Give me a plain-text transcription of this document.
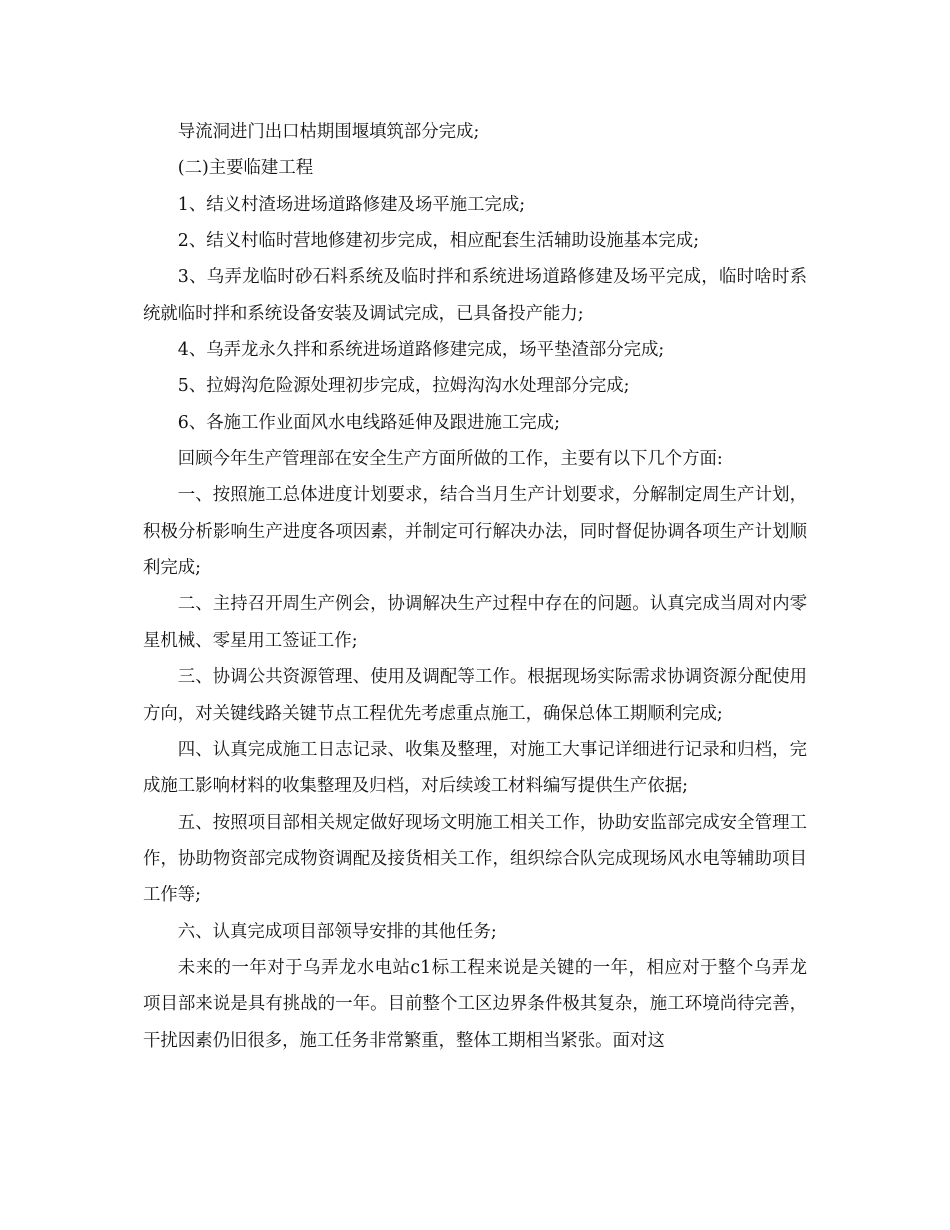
导流洞进门出口枯期围堰填筑部分完成;

(二)主要临建工程

1、结义村渣场进场道路修建及场平施工完成;

2、结义村临时营地修建初步完成，相应配套生活辅助设施基本完成;

3、乌弄龙临时砂石料系统及临时拌和系统进场道路修建及场平完成，临时啥时系统就临时拌和系统设备安装及调试完成，已具备投产能力;

4、乌弄龙永久拌和系统进场道路修建完成，场平垫渣部分完成;

5、拉姆沟危险源处理初步完成，拉姆沟沟水处理部分完成;

6、各施工作业面风水电线路延伸及跟进施工完成;

回顾今年生产管理部在安全生产方面所做的工作，主要有以下几个方面:

一、按照施工总体进度计划要求，结合当月生产计划要求，分解制定周生产计划，积极分析影响生产进度各项因素，并制定可行解决办法，同时督促协调各项生产计划顺利完成;

二、主持召开周生产例会，协调解决生产过程中存在的问题。认真完成当周对内零星机械、零星用工签证工作;

三、协调公共资源管理、使用及调配等工作。根据现场实际需求协调资源分配使用方向，对关键线路关键节点工程优先考虑重点施工，确保总体工期顺利完成;

四、认真完成施工日志记录、收集及整理，对施工大事记详细进行记录和归档，完成施工影响材料的收集整理及归档，对后续竣工材料编写提供生产依据;

五、按照项目部相关规定做好现场文明施工相关工作，协助安监部完成安全管理工作，协助物资部完成物资调配及接货相关工作，组织综合队完成现场风水电等辅助项目工作等;

六、认真完成项目部领导安排的其他任务;

未来的一年对于乌弄龙水电站c1标工程来说是关键的一年，相应对于整个乌弄龙项目部来说是具有挑战的一年。目前整个工区边界条件极其复杂，施工环境尚待完善，干扰因素仍旧很多，施工任务非常繁重，整体工期相当紧张。面对这
